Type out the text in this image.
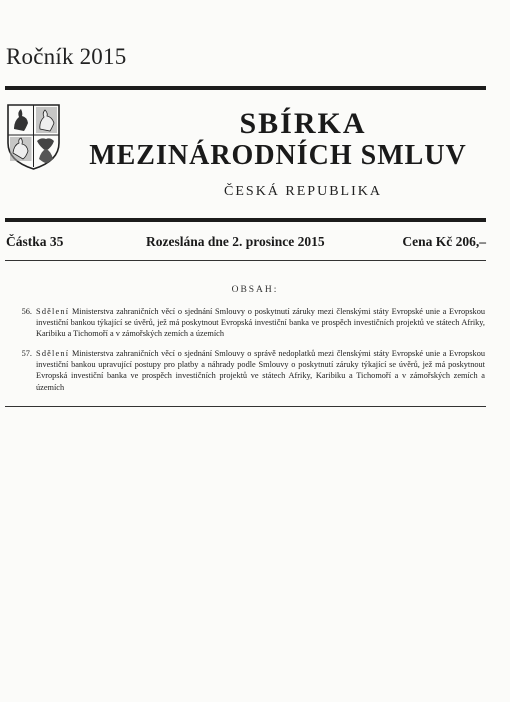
Ročník 2015
SBÍRKA
MEZINÁRODNÍCH SMLUV
ČESKÁ REPUBLIKA
Částka 35	Rozeslána dne 2. prosince 2015	Cena Kč 206,–
OBSAH:
56. Sdělení Ministerstva zahraničních věcí o sjednání Smlouvy o poskytnutí záruky mezi členskými státy Evropské unie a Evropskou investiční bankou týkající se úvěrů, jež má poskytnout Evropská investiční banka ve prospěch investičních projektů ve státech Afriky, Karibiku a Tichomoří a v zámořských zemích a územích
57. Sdělení Ministerstva zahraničních věcí o sjednání Smlouvy o správě nedoplatků mezi členskými státy Evropské unie a Evropskou investiční bankou upravující postupy pro platby a náhrady podle Smlouvy o poskytnutí záruky týkající se úvěrů, jež má poskytnout Evropská investiční banka ve prospěch investičních projektů ve státech Afriky, Karibiku a Tichomoří a v zámořských zemích a územích
